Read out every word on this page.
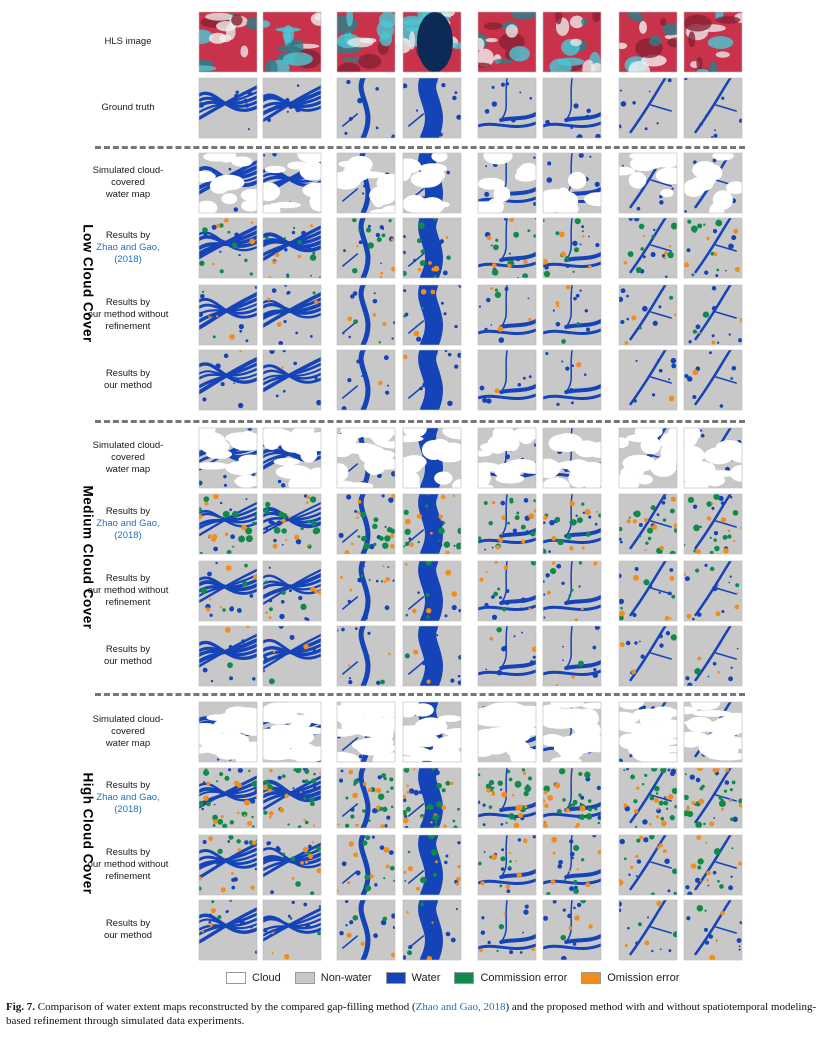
HLS image
Ground truth
Simulated cloud-
covered
water map
Results by
Zhao and Gao,
(2018)
Results by
our method without
refinement
Results by
our method
Simulated cloud-
covered
water map
Results by
Zhao and Gao,
(2018)
Results by
our method without
refinement
Results by
our method
Simulated cloud-
covered
water map
Results by
Zhao and Gao,
(2018)
Results by
our method without
refinement
Results by
our method
Low Cloud Cover
Medium Cloud Cover
High Cloud Cover
Cloud	Non-water	Water	Commission error	Omission error
Fig. 7. Comparison of water extent maps reconstructed by the compared gap-filling method (Zhao and Gao, 2018) and the proposed method with and without spatiotemporal modeling-based refinement through simulated data experiments.
